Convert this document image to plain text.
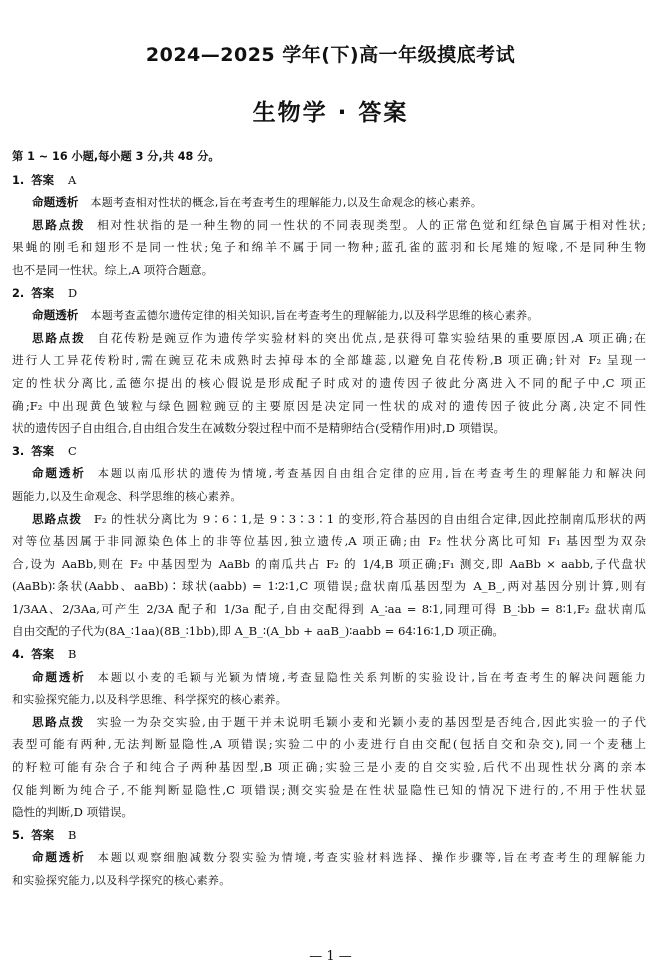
2024—2025 学年(下)高一年级摸底考试
生物学 · 答案
第 1 ~ 16 小题,每小题 3 分,共 48 分。
1. 答案 A
命题透析 本题考查相对性状的概念,旨在考查考生的理解能力,以及生命观念的核心素养。
思路点拨 相对性状指的是一种生物的同一性状的不同表现类型。人的正常色觉和红绿色盲属于相对性状;
果蝇的刚毛和翅形不是同一性状;兔子和绵羊不属于同一物种;蓝孔雀的蓝羽和长尾雉的短喙,不是同种生物
也不是同一性状。综上,A 项符合题意。
2. 答案 D
命题透析 本题考查孟德尔遗传定律的相关知识,旨在考查考生的理解能力,以及科学思维的核心素养。
思路点拨 自花传粉是豌豆作为遗传学实验材料的突出优点,是获得可靠实验结果的重要原因,A 项正确;在
进行人工异花传粉时,需在豌豆花未成熟时去掉母本的全部雄蕊,以避免自花传粉,B 项正确;针对 F₂ 呈现一
定的性状分离比,孟德尔提出的核心假说是形成配子时成对的遗传因子彼此分离进入不同的配子中,C 项正
确;F₂ 中出现黄色皱粒与绿色圆粒豌豆的主要原因是决定同一性状的成对的遗传因子彼此分离,决定不同性
状的遗传因子自由组合,自由组合发生在减数分裂过程中而不是精卵结合(受精作用)时,D 项错误。
3. 答案 C
命题透析 本题以南瓜形状的遗传为情境,考查基因自由组合定律的应用,旨在考查考生的理解能力和解决问
题能力,以及生命观念、科学思维的核心素养。
思路点拨 F₂ 的性状分离比为 9∶6∶1,是 9∶3∶3∶1 的变形,符合基因的自由组合定律,因此控制南瓜形状的两
对等位基因属于非同源染色体上的非等位基因,独立遗传,A 项正确;由 F₂ 性状分离比可知 F₁ 基因型为双杂
合,设为 AaBb,则在 F₂ 中基因型为 AaBb 的南瓜共占 F₂ 的 1/4,B 项正确;F₁ 测交,即 AaBb × aabb,子代盘状
(AaBb)∶条状(Aabb、aaBb)∶球状(aabb) = 1∶2∶1,C 项错误;盘状南瓜基因型为 A_B_,两对基因分别计算,则有
1/3AA、2/3Aa,可产生 2/3A 配子和 1/3a 配子,自由交配得到 A_∶aa = 8∶1,同理可得 B_∶bb = 8∶1,F₂ 盘状南瓜
自由交配的子代为(8A_∶1aa)(8B_∶1bb),即 A_B_∶(A_bb + aaB_)∶aabb = 64∶16∶1,D 项正确。
4. 答案 B
命题透析 本题以小麦的毛颖与光颖为情境,考查显隐性关系判断的实验设计,旨在考查考生的解决问题能力
和实验探究能力,以及科学思维、科学探究的核心素养。
思路点拨 实验一为杂交实验,由于题干并未说明毛颖小麦和光颖小麦的基因型是否纯合,因此实验一的子代
表型可能有两种,无法判断显隐性,A 项错误;实验二中的小麦进行自由交配(包括自交和杂交),同一个麦穗上
的籽粒可能有杂合子和纯合子两种基因型,B 项正确;实验三是小麦的自交实验,后代不出现性状分离的亲本
仅能判断为纯合子,不能判断显隐性,C 项错误;测交实验是在性状显隐性已知的情况下进行的,不用于性状显
隐性的判断,D 项错误。
5. 答案 B
命题透析 本题以观察细胞减数分裂实验为情境,考查实验材料选择、操作步骤等,旨在考查考生的理解能力
和实验探究能力,以及科学探究的核心素养。
— 1 —
